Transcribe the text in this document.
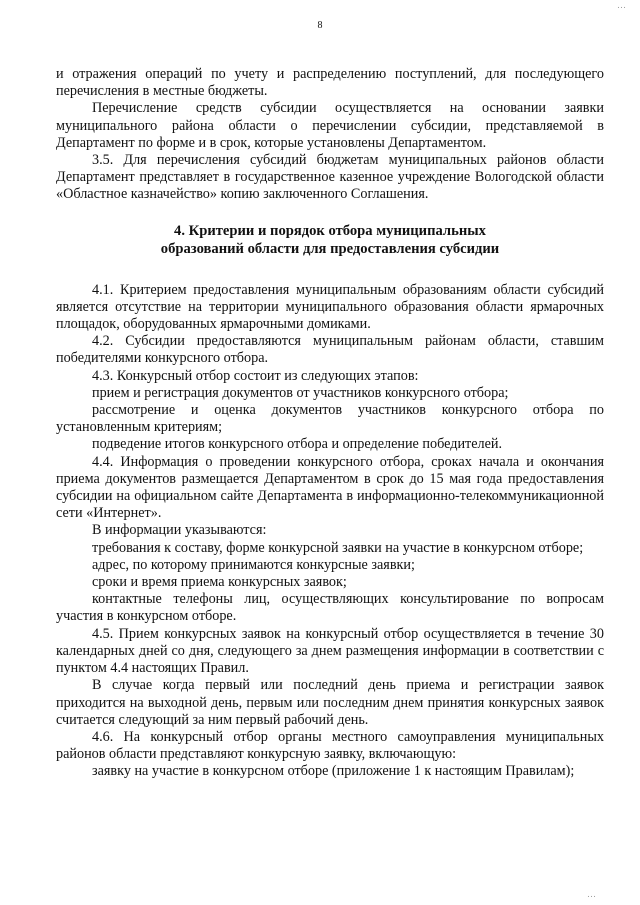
…
8

и отражения операций по учету и распределению поступлений, для последующего перечисления в местные бюджеты.

Перечисление средств субсидии осуществляется на основании заявки муниципального района области о перечислении субсидии, представляемой в Департамент по форме и в срок, которые установлены Департаментом.

3.5. Для перечисления субсидий бюджетам муниципальных районов области Департамент представляет в государственное казенное учреждение Вологодской области «Областное казначейство» копию заключенного Соглашения.

4. Критерии и порядок отбора муниципальных
образований области для предоставления субсидии

4.1. Критерием предоставления муниципальным образованиям области субсидий является отсутствие на территории муниципального образования области ярмарочных площадок, оборудованных ярмарочными домиками.

4.2. Субсидии предоставляются муниципальным районам области, ставшим победителями конкурсного отбора.

4.3. Конкурсный отбор состоит из следующих этапов:

прием и регистрация документов от участников конкурсного отбора;

рассмотрение и оценка документов участников конкурсного отбора по установленным критериям;

подведение итогов конкурсного отбора и определение победителей.

4.4. Информация о проведении конкурсного отбора, сроках начала и окончания приема документов размещается Департаментом в срок до 15 мая года предоставления субсидии на официальном сайте Департамента в информационно-телекоммуникационной сети «Интернет».

В информации указываются:

требования к составу, форме конкурсной заявки на участие в конкурсном отборе;

адрес, по которому принимаются конкурсные заявки;

сроки и время приема конкурсных заявок;

контактные телефоны лиц, осуществляющих консультирование по вопросам участия в конкурсном отборе.

4.5. Прием конкурсных заявок на конкурсный отбор осуществляется в течение 30 календарных дней со дня, следующего за днем размещения информации в соответствии с пунктом 4.4 настоящих Правил.

В случае когда первый или последний день приема и регистрации заявок приходится на выходной день, первым или последним днем принятия конкурсных заявок считается следующий за ним первый рабочий день.

4.6. На конкурсный отбор органы местного самоуправления муниципальных районов области представляют конкурсную заявку, включающую:

заявку на участие в конкурсном отборе (приложение 1 к настоящим Правилам);

…
